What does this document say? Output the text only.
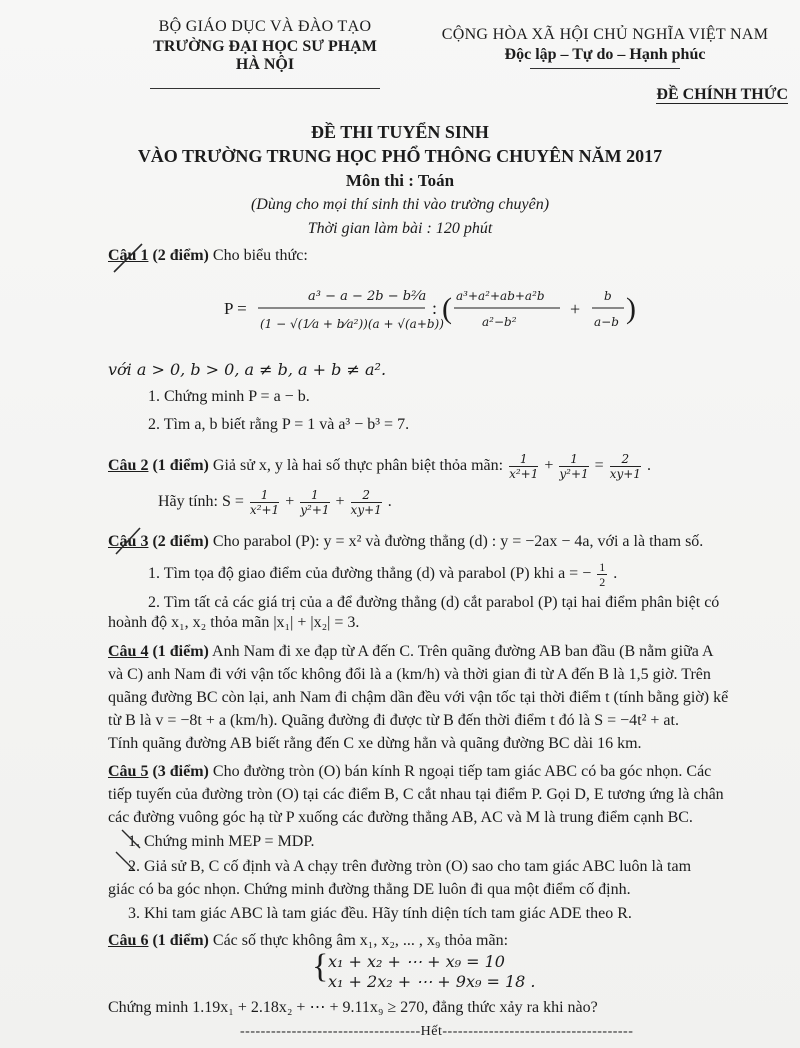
BỘ GIÁO DỤC VÀ ĐÀO TẠO
TRƯỜNG ĐẠI HỌC SƯ PHẠM HÀ NỘI
CỘNG HÒA XÃ HỘI CHỦ NGHĨA VIỆT NAM
Độc lập – Tự do – Hạnh phúc
ĐỀ CHÍNH THỨC
ĐỀ THI TUYỂN SINH
VÀO TRƯỜNG TRUNG HỌC PHỔ THÔNG CHUYÊN NĂM 2017
Môn thi : Toán
(Dùng cho mọi thí sinh thi vào trường chuyên)
Thời gian làm bài : 120 phút
Câu 1 (2 điểm) Cho biểu thức:
P =
a³ − a − 2b − b²⁄a
(1 − √(1⁄a + b⁄a²))(a + √(a+b))
: ( a³+a²+ab+a²b
a²−b²
+
b
a−b )
với a > 0, b > 0, a ≠ b, a + b ≠ a².
1. Chứng minh P = a − b.
2. Tìm a, b biết rằng P = 1 và a³ − b³ = 7.
Câu 2 (1 điểm) Giả sử x, y là hai số thực phân biệt thỏa mãn: $\frac{1}{\text{x²+1}} + \frac{1}{\text{y²+1}} = \frac{2}{xy+1}$ .
Hãy tính: $S = \frac{1}{\text{x²+1}} + \frac{1}{\text{y²+1}} + \frac{2}{xy+1}$ .
Câu 3 (2 điểm) Cho parabol (P): y = x² và đường thẳng (d) : y = −2ax − 4a, với a là tham số.
1. Tìm tọa độ giao điểm của đường thẳng (d) và parabol (P) khi a = − $\frac{1}{2}$ .
2. Tìm tất cả các giá trị của a để đường thẳng (d) cắt parabol (P) tại hai điểm phân biệt có
hoành độ x₁, x₂ thỏa mãn |x₁| + |x₂| = 3.
Câu 4 (1 điểm) Anh Nam đi xe đạp từ A đến C. Trên quãng đường AB ban đầu (B nằm giữa A
và C) anh Nam đi với vận tốc không đổi là a (km/h) và thời gian đi từ A đến B là 1,5 giờ. Trên
quãng đường BC còn lại, anh Nam đi chậm dần đều với vận tốc tại thời điểm t (tính bằng giờ) kể
từ B là v = −8t + a (km/h). Quãng đường đi được từ B đến thời điểm t đó là S = −4t² + at.
Tính quãng đường AB biết rằng đến C xe dừng hẳn và quãng đường BC dài 16 km.
Câu 5 (3 điểm) Cho đường tròn (O) bán kính R ngoại tiếp tam giác ABC có ba góc nhọn. Các
tiếp tuyến của đường tròn (O) tại các điểm B, C cắt nhau tại điểm P. Gọi D, E tương ứng là chân
các đường vuông góc hạ từ P xuống các đường thẳng AB, AC và M là trung điểm cạnh BC.
1. Chứng minh MEP = MDP.
2. Giả sử B, C cố định và A chạy trên đường tròn (O) sao cho tam giác ABC luôn là tam
giác có ba góc nhọn. Chứng minh đường thẳng DE luôn đi qua một điểm cố định.
3. Khi tam giác ABC là tam giác đều. Hãy tính diện tích tam giác ADE theo R.
Câu 6 (1 điểm) Các số thực không âm x₁, x₂, ... , x₉ thỏa mãn:
{ x₁ + x₂ + ⋯ + x₉ = 10
x₁ + 2x₂ + ⋯ + 9x₉ = 18 .
Chứng minh 1.19x₁ + 2.18x₂ + ⋯ + 9.11x₉ ≥ 270, đẳng thức xảy ra khi nào?
-----------------------------------Hết-------------------------------------
